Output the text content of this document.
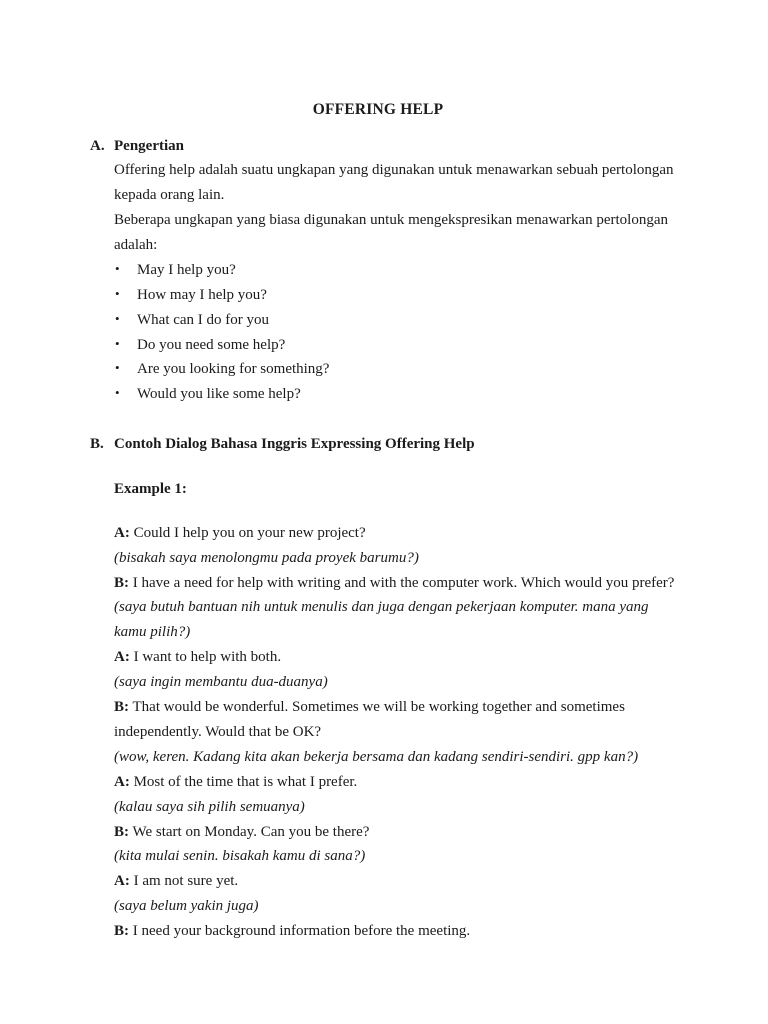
OFFERING HELP

A. Pengertian

Offering help adalah suatu ungkapan yang digunakan untuk menawarkan sebuah pertolongan kepada orang lain.

Beberapa ungkapan yang biasa digunakan untuk mengekspresikan menawarkan pertolongan adalah:

• May I help you?
• How may I help you?
• What can I do for you
• Do you need some help?
• Are you looking for something?
• Would you like some help?

B. Contoh Dialog Bahasa Inggris Expressing Offering Help

Example 1:

A: Could I help you on your new project?

(bisakah saya menolongmu pada proyek barumu?)

B: I have a need for help with writing and with the computer work. Which would you prefer?

(saya butuh bantuan nih untuk menulis dan juga dengan pekerjaan komputer. mana yang kamu pilih?)

A: I want to help with both.

(saya ingin membantu dua-duanya)

B: That would be wonderful. Sometimes we will be working together and sometimes independently. Would that be OK?

(wow, keren. Kadang kita akan bekerja bersama dan kadang sendiri-sendiri. gpp kan?)

A: Most of the time that is what I prefer.

(kalau saya sih pilih semuanya)

B: We start on Monday. Can you be there?

(kita mulai senin. bisakah kamu di sana?)

A: I am not sure yet.

(saya belum yakin juga)

B: I need your background information before the meeting.
